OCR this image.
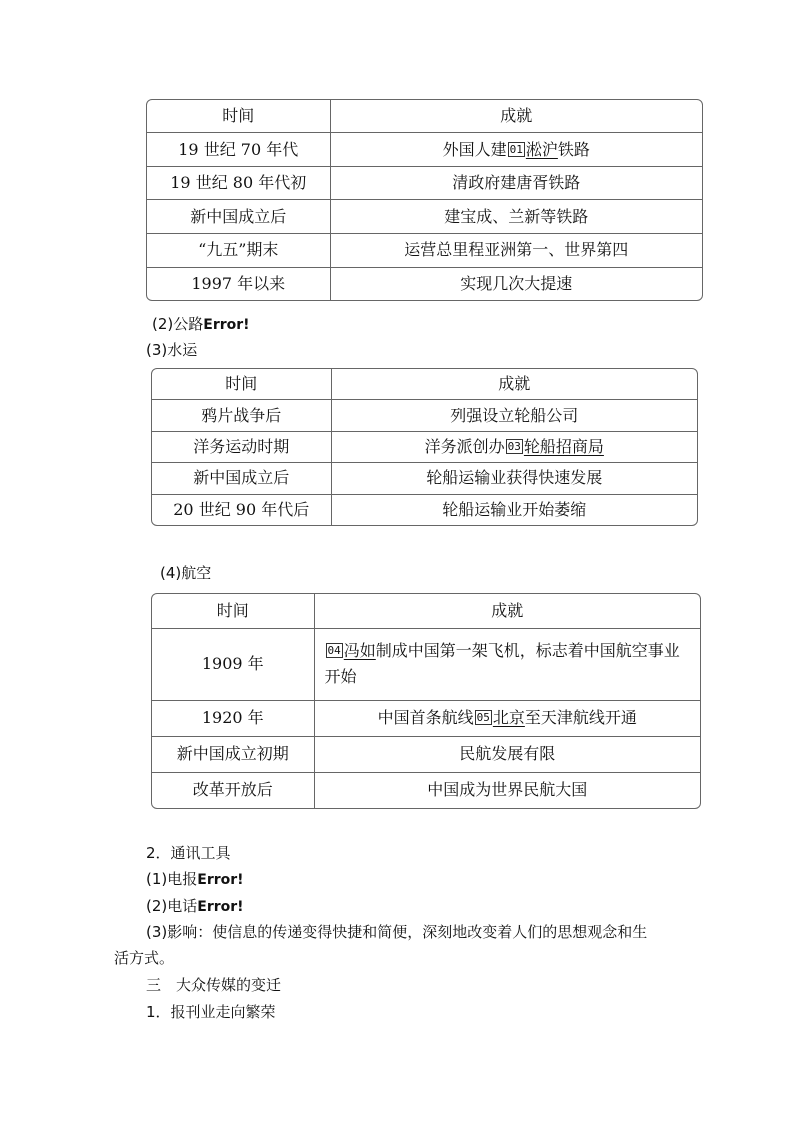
时间	成就
19 世纪 70 年代	外国人建 01 淞沪铁路
19 世纪 80 年代初	清政府建唐胥铁路
新中国成立后	建宝成、兰新等铁路
“九五”期末	运营总里程亚洲第一、世界第四
1997 年以来	实现几次大提速
(2)公路Error!
(3)水运
时间	成就
鸦片战争后	列强设立轮船公司
洋务运动时期	洋务派创办 03 轮船招商局
新中国成立后	轮船运输业获得快速发展
20 世纪 90 年代后	轮船运输业开始萎缩
(4)航空
时间	成就
1909 年	04 冯如制成中国第一架飞机，标志着中国航空事业开始
1920 年	中国首条航线 05 北京至天津航线开通
新中国成立初期	民航发展有限
改革开放后	中国成为世界民航大国
2．通讯工具
(1)电报Error!
(2)电话Error!
(3)影响：使信息的传递变得快捷和简便，深刻地改变着人们的思想观念和生
活方式。
三　大众传媒的变迁
1．报刊业走向繁荣
